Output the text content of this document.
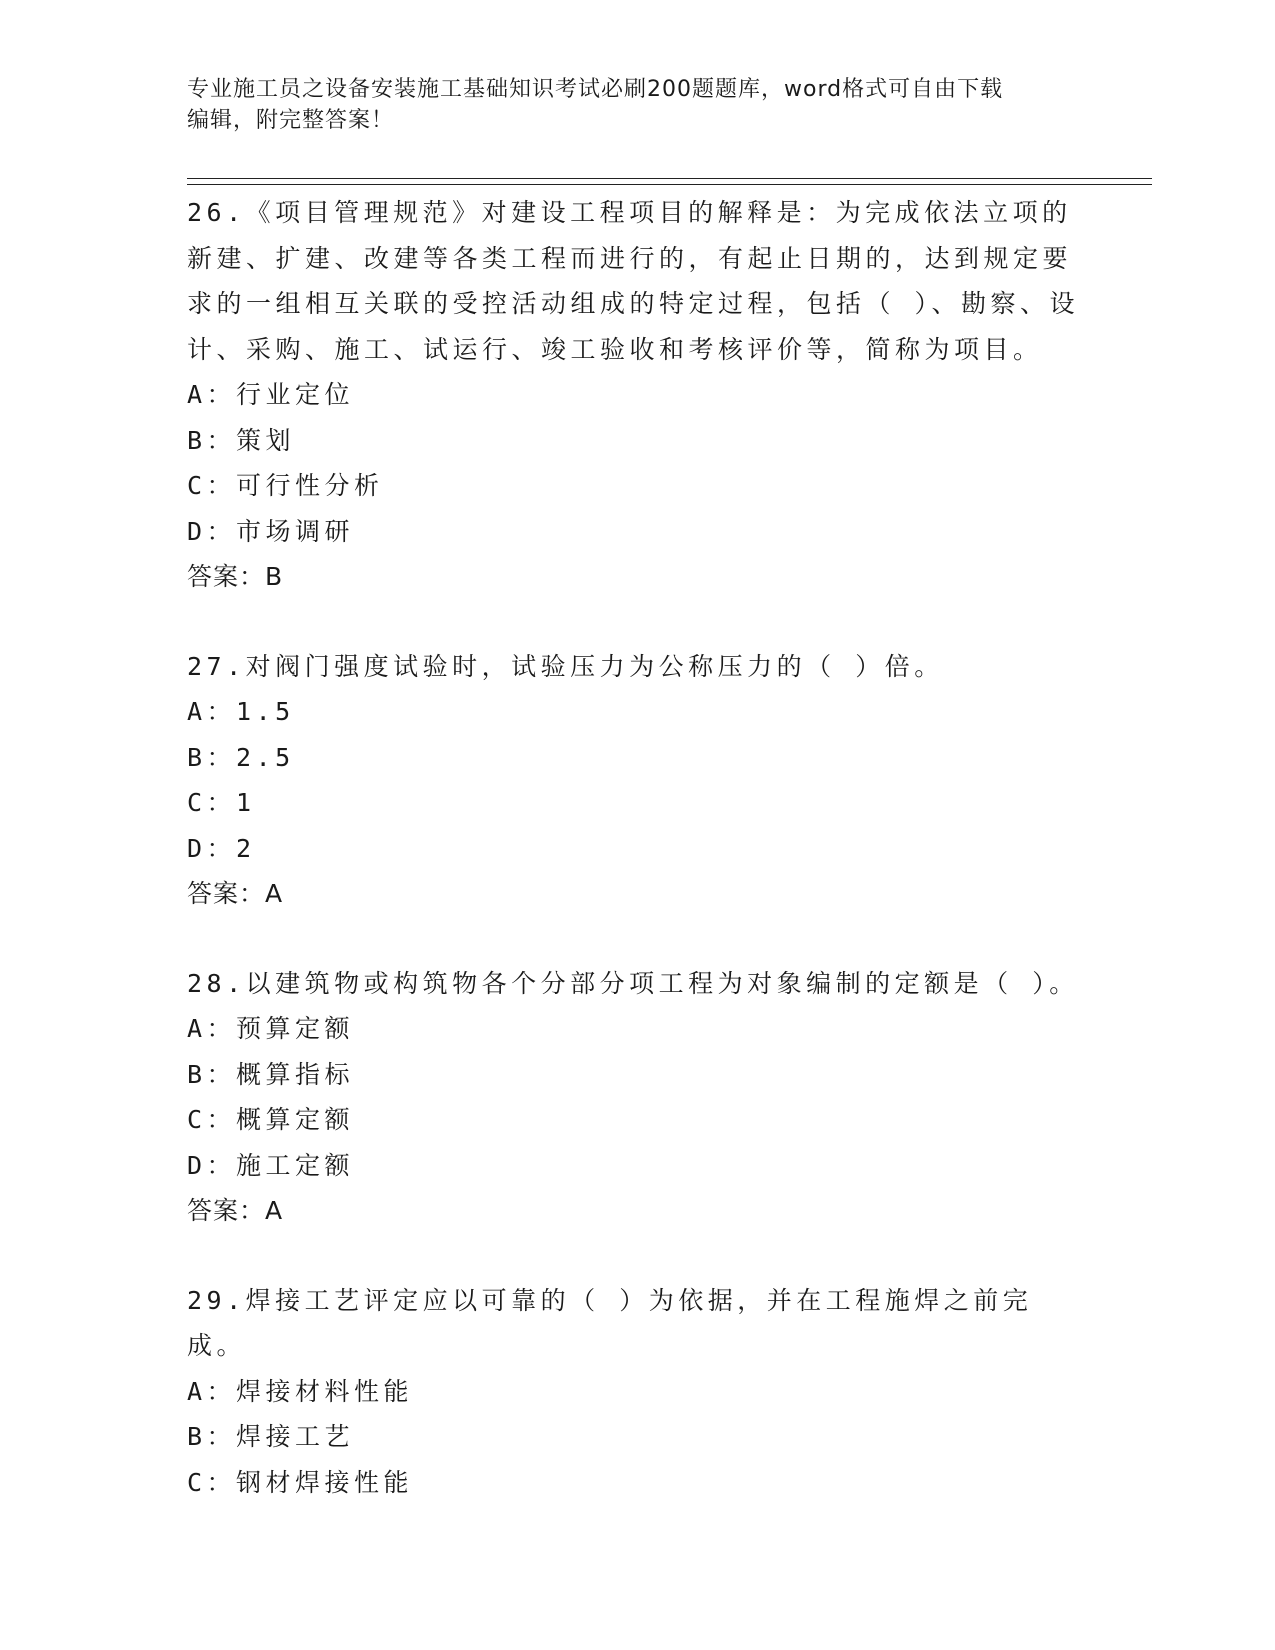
专业施工员之设备安装施工基础知识考试必刷200题题库，word格式可自由下载
编辑，附完整答案！

26.《项目管理规范》对建设工程项目的解释是：为完成依法立项的新建、扩建、改建等各类工程而进行的，有起止日期的，达到规定要求的一组相互关联的受控活动组成的特定过程，包括（ ）、勘察、设计、采购、施工、试运行、竣工验收和考核评价等，简称为项目。

A：行业定位

B：策划

C：可行性分析

D：市场调研

答案：B

27.对阀门强度试验时，试验压力为公称压力的（ ）倍。

A：1.5

B：2.5

C：1

D：2

答案：A

28.以建筑物或构筑物各个分部分项工程为对象编制的定额是（ ）。

A：预算定额

B：概算指标

C：概算定额

D：施工定额

答案：A

29.焊接工艺评定应以可靠的（ ）为依据，并在工程施焊之前完成。

A：焊接材料性能

B：焊接工艺

C：钢材焊接性能
